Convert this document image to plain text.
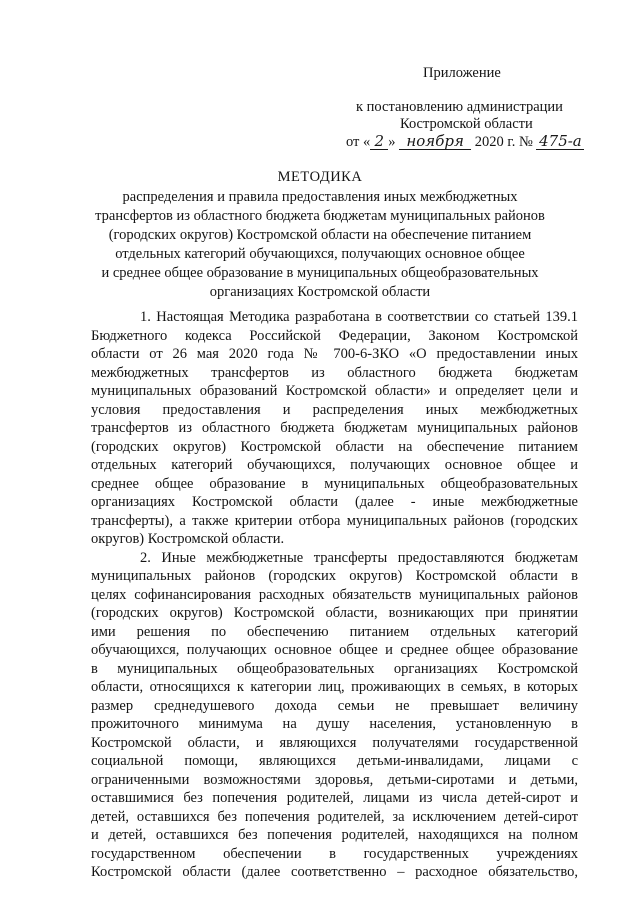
Приложение
к постановлению администрации
Костромской области
от « 2 » ноября 2020 г. № 475-а
МЕТОДИКА
распределения и правила предоставления иных межбюджетных
трансфертов из областного бюджета бюджетам муниципальных районов
(городских округов) Костромской области на обеспечение питанием
отдельных категорий обучающихся, получающих основное общее
и среднее общее образование в муниципальных общеобразовательных
организациях Костромской области

1. Настоящая Методика разработана в соответствии со статьей 139.1

Бюджетного кодекса Российской Федерации, Законом Костромской

области от 26 мая 2020 года № 700-6-ЗКО «О предоставлении иных

межбюджетных трансфертов из областного бюджета бюджетам

муниципальных образований Костромской области» и определяет цели и

условия предоставления и распределения иных межбюджетных

трансфертов из областного бюджета бюджетам муниципальных районов

(городских округов) Костромской области на обеспечение питанием

отдельных категорий обучающихся, получающих основное общее и

среднее общее образование в муниципальных общеобразовательных

организациях Костромской области (далее - иные межбюджетные

трансферты), а также критерии отбора муниципальных районов (городских

округов) Костромской области.

2. Иные межбюджетные трансферты предоставляются бюджетам

муниципальных районов (городских округов) Костромской области в

целях софинансирования расходных обязательств муниципальных районов

(городских округов) Костромской области, возникающих при принятии

ими решения по обеспечению питанием отдельных категорий

обучающихся, получающих основное общее и среднее общее образование

в муниципальных общеобразовательных организациях Костромской

области, относящихся к категории лиц, проживающих в семьях, в которых

размер среднедушевого дохода семьи не превышает величину

прожиточного минимума на душу населения, установленную в

Костромской области, и являющихся получателями государственной

социальной помощи, являющихся детьми-инвалидами, лицами с

ограниченными возможностями здоровья, детьми-сиротами и детьми,

оставшимися без попечения родителей, лицами из числа детей-сирот и

детей, оставшихся без попечения родителей, за исключением детей-сирот

и детей, оставшихся без попечения родителей, находящихся на полном

государственном обеспечении в государственных учреждениях

Костромской области (далее соответственно – расходное обязательство,
